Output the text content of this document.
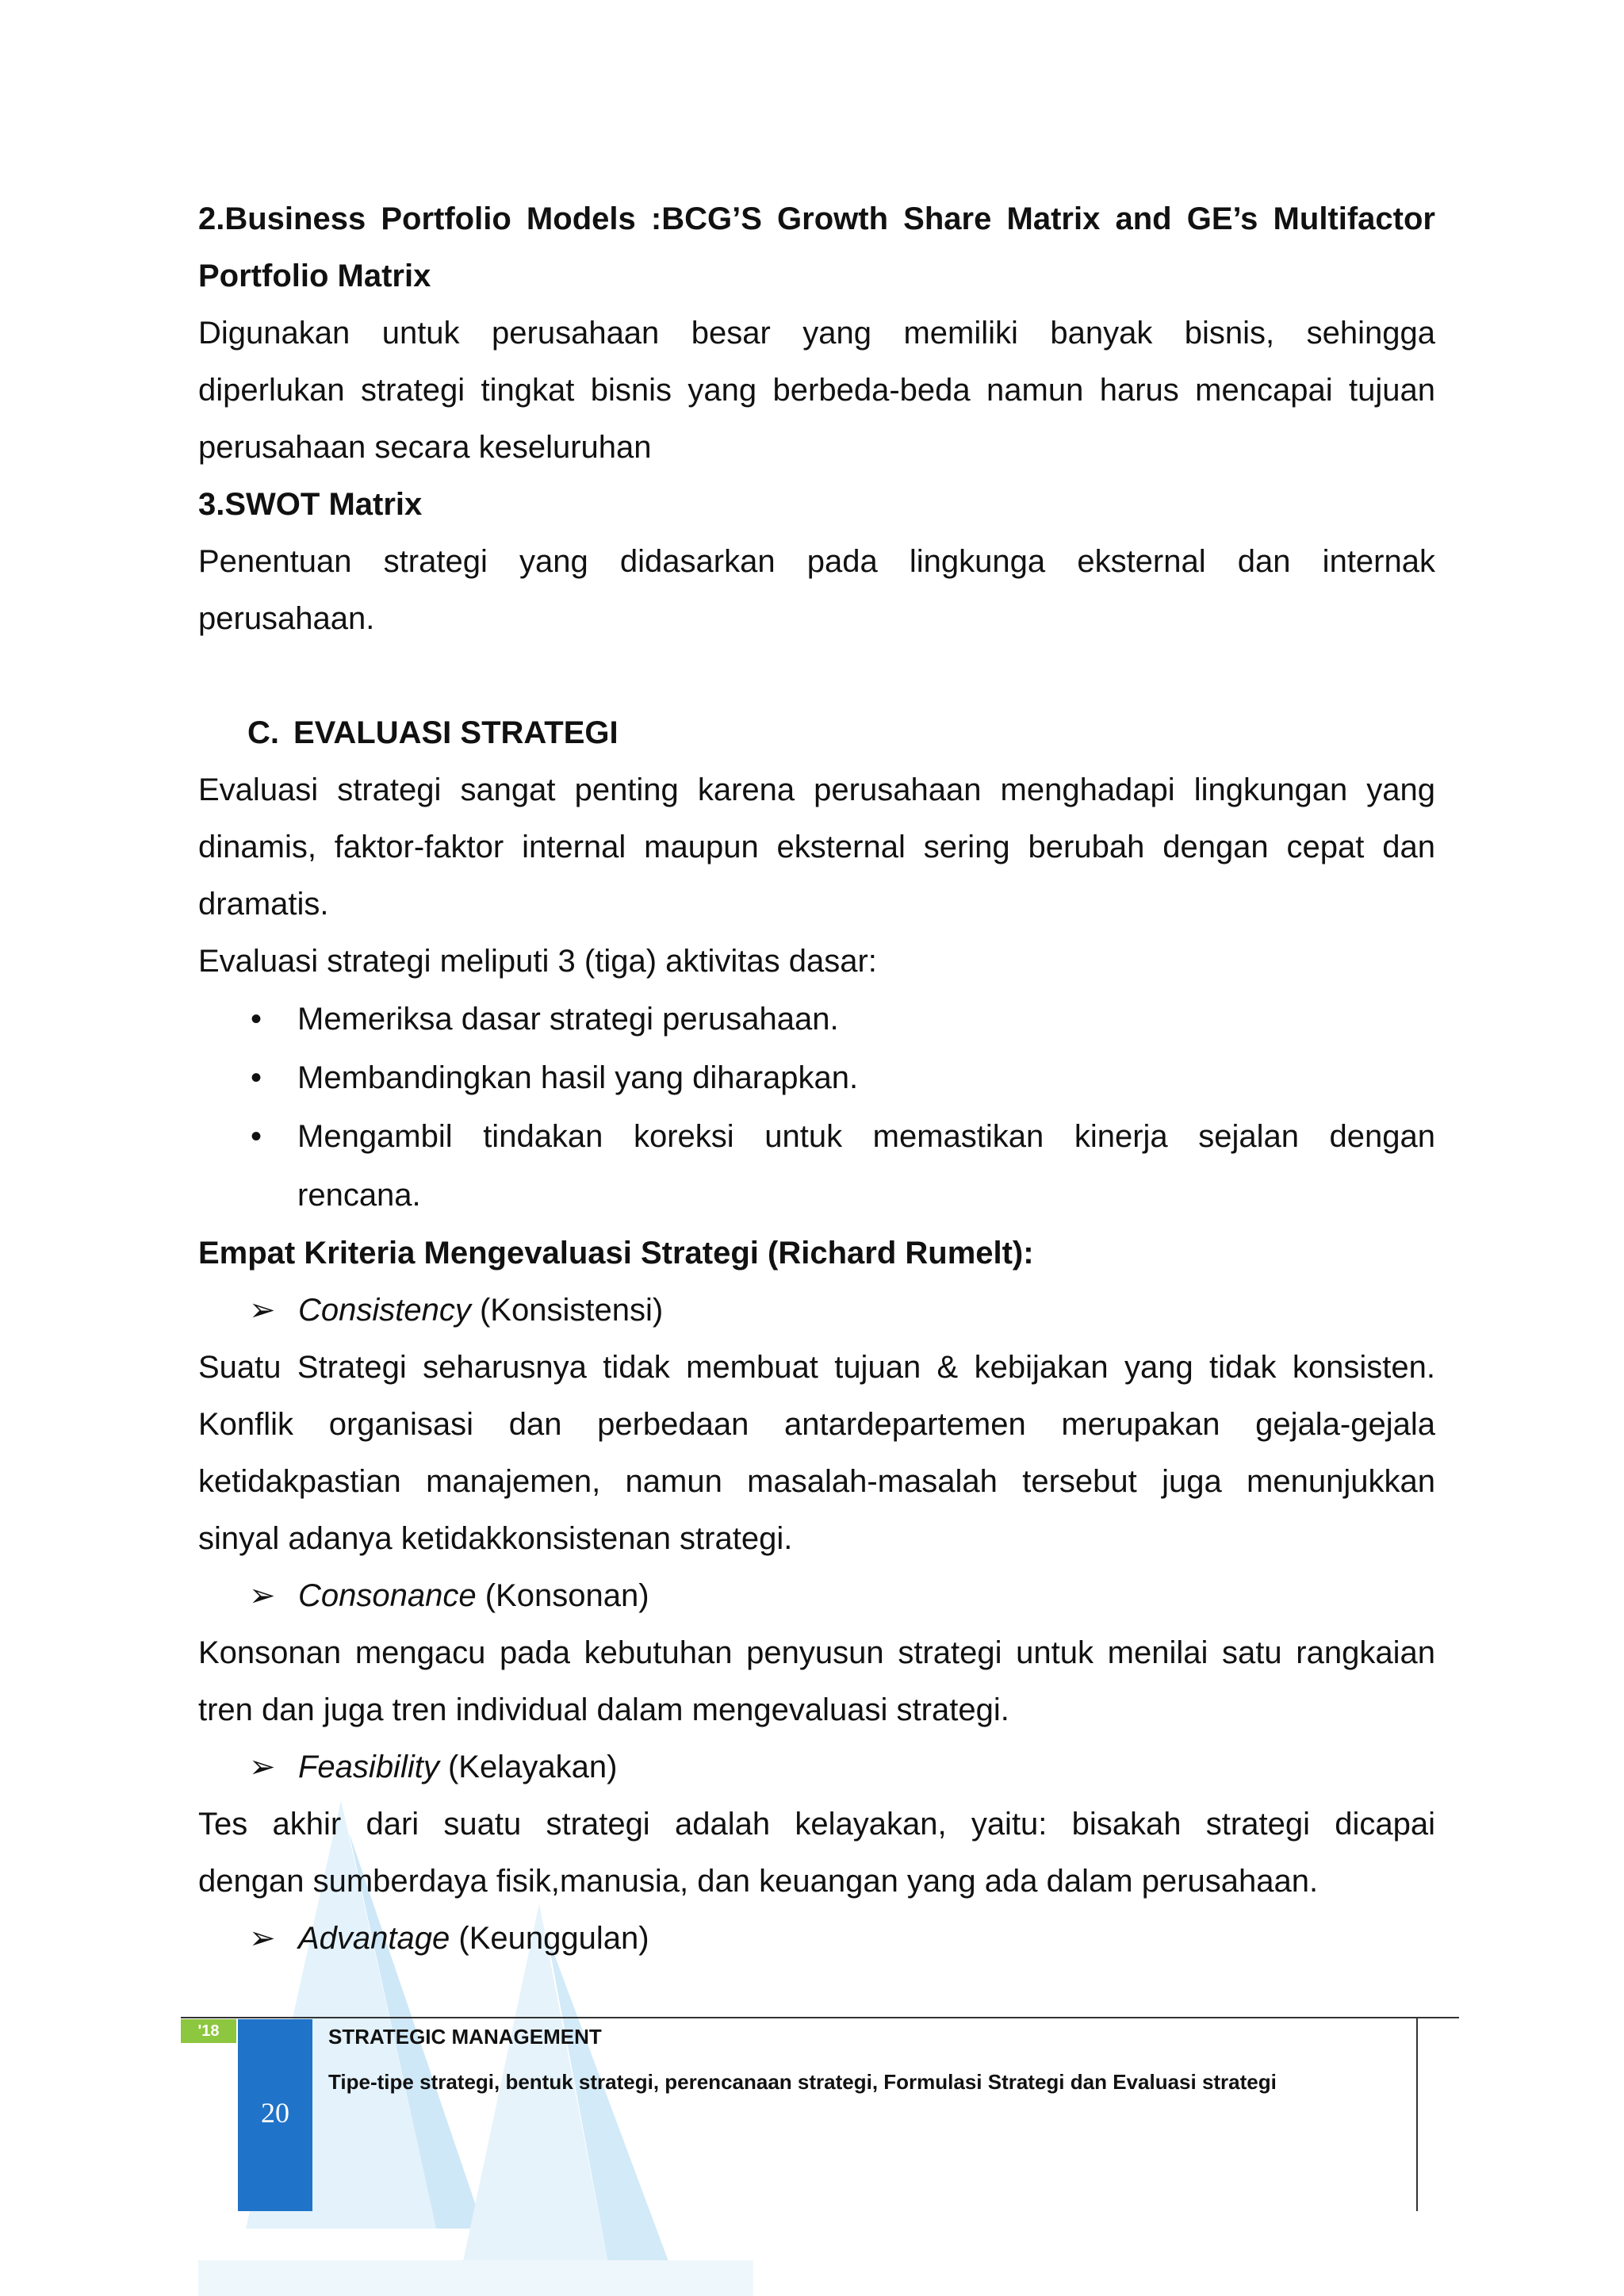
2.Business Portfolio Models :BCG’S Growth Share Matrix and GE’s Multifactor

Portfolio Matrix

Digunakan untuk perusahaan besar yang memiliki banyak bisnis, sehingga

diperlukan strategi tingkat bisnis yang berbeda-beda namun harus mencapai tujuan

perusahaan secara keseluruhan

3.SWOT Matrix

Penentuan strategi yang didasarkan pada lingkunga eksternal dan internak

perusahaan.

C. EVALUASI STRATEGI

Evaluasi strategi sangat penting karena perusahaan menghadapi lingkungan yang

dinamis, faktor-faktor internal maupun eksternal sering berubah dengan cepat dan

dramatis.

Evaluasi strategi meliputi 3 (tiga) aktivitas dasar:

• Memeriksa dasar strategi perusahaan.
• Membandingkan hasil yang diharapkan.
• Mengambil tindakan koreksi untuk memastikan kinerja sejalan dengan
rencana.

Empat Kriteria Mengevaluasi Strategi (Richard Rumelt):

➢ Consistency (Konsistensi)

Suatu Strategi seharusnya tidak membuat tujuan & kebijakan yang tidak konsisten.

Konflik organisasi dan perbedaan antardepartemen merupakan gejala-gejala

ketidakpastian manajemen, namun masalah-masalah tersebut juga menunjukkan

sinyal adanya ketidakkonsistenan strategi.

➢ Consonance (Konsonan)

Konsonan mengacu pada kebutuhan penyusun strategi untuk menilai satu rangkaian

tren dan juga tren individual dalam mengevaluasi strategi.

➢ Feasibility (Kelayakan)

Tes akhir dari suatu strategi adalah kelayakan, yaitu: bisakah strategi dicapai

dengan sumberdaya fisik,manusia, dan keuangan yang ada dalam perusahaan.

➢ Advantage (Keunggulan)

'18
20
STRATEGIC MANAGEMENT
Tipe-tipe strategi, bentuk strategi, perencanaan strategi, Formulasi Strategi dan Evaluasi strategi
